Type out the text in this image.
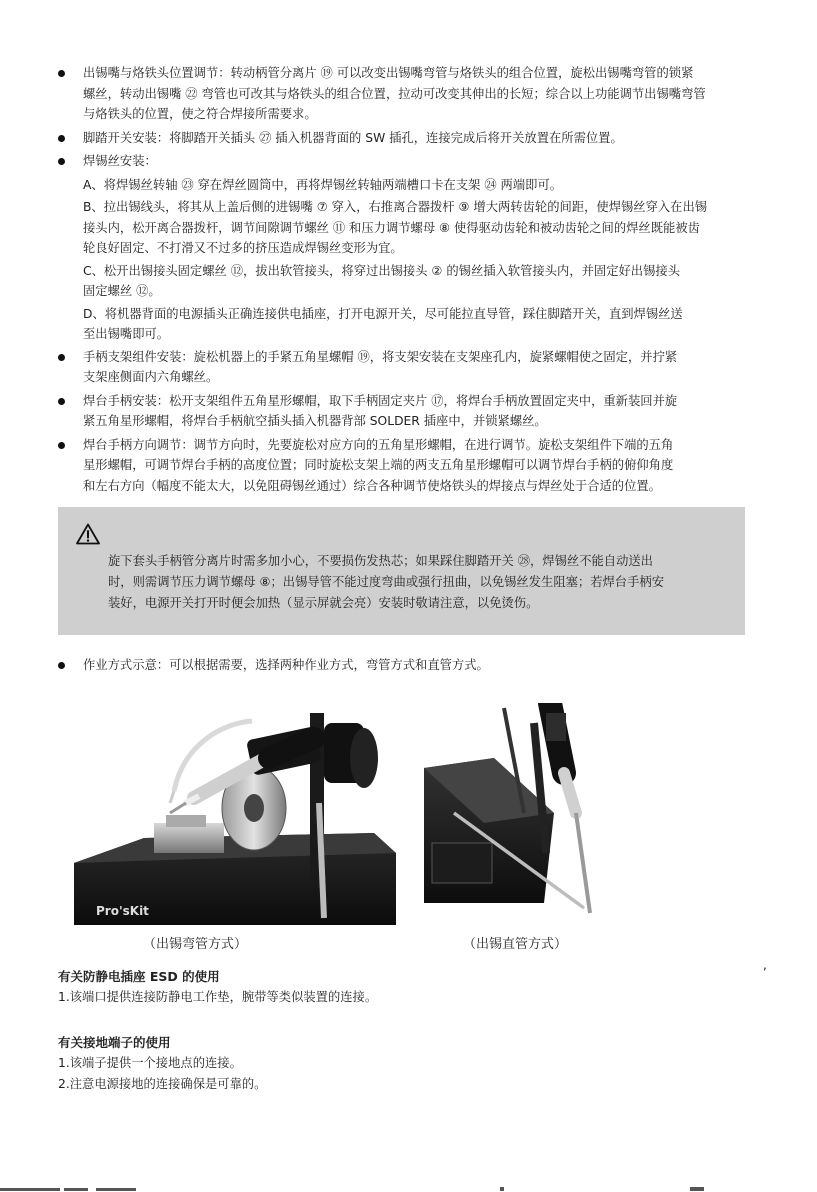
出锡嘴与烙铁头位置调节：转动柄管分离片 ⑲ 可以改变出锡嘴弯管与烙铁头的组合位置，旋松出锡嘴弯管的锁紧

螺丝，转动出锡嘴 ㉒ 弯管也可改其与烙铁头的组合位置，拉动可改变其伸出的长短；综合以上功能调节出锡嘴弯管

与烙铁头的位置，使之符合焊接所需要求。

脚踏开关安装：将脚踏开关插头 ㉗ 插入机器背面的 SW 插孔，连接完成后将开关放置在所需位置。

焊锡丝安装：

A、将焊锡丝转轴 ㉓ 穿在焊丝圆筒中，再将焊锡丝转轴两端槽口卡在支架 ㉔ 两端即可。

B、拉出锡线头，将其从上盖后侧的进锡嘴 ⑦ 穿入，右推离合器拨杆 ⑨ 增大两转齿轮的间距，使焊锡丝穿入在出锡
接头内，松开离合器拨杆，调节间隙调节螺丝 ⑪ 和压力调节螺母 ⑧ 使得驱动齿轮和被动齿轮之间的焊丝既能被齿
轮良好固定、不打滑又不过多的挤压造成焊锡丝变形为宜。

C、松开出锡接头固定螺丝 ⑫，拔出软管接头，将穿过出锡接头 ② 的锡丝插入软管接头内，并固定好出锡接头
固定螺丝 ⑫。

D、将机器背面的电源插头正确连接供电插座，打开电源开关，尽可能拉直导管，踩住脚踏开关，直到焊锡丝送
至出锡嘴即可。

手柄支架组件安装：旋松机器上的手紧五角星螺帽 ⑲，将支架安装在支架座孔内，旋紧螺帽使之固定，并拧紧

支架座侧面内六角螺丝。

焊台手柄安装：松开支架组件五角星形螺帽，取下手柄固定夹片 ⑰，将焊台手柄放置固定夹中，重新装回并旋

紧五角星形螺帽，将焊台手柄航空插头插入机器背部 SOLDER 插座中，并锁紧螺丝。

焊台手柄方向调节：调节方向时，先要旋松对应方向的五角星形螺帽，在进行调节。旋松支架组件下端的五角

星形螺帽，可调节焊台手柄的高度位置；同时旋松支架上端的两支五角星形螺帽可以调节焊台手柄的俯仰角度

和左右方向（幅度不能太大，以免阻碍锡丝通过）综合各种调节使烙铁头的焊接点与焊丝处于合适的位置。

旋下套头手柄管分离片时需多加小心，不要损伤发热芯；如果踩住脚踏开关 ㉘，焊锡丝不能自动送出

时，则需调节压力调节螺母 ⑧；出锡导管不能过度弯曲或强行扭曲，以免锡丝发生阻塞；若焊台手柄安

装好，电源开关打开时便会加热（显示屏就会亮）安装时敬请注意，以免烫伤。

作业方式示意：可以根据需要，选择两种作业方式，弯管方式和直管方式。

Pro'sKit
（出锡弯管方式）	（出锡直管方式）
,
有关防静电插座 ESD 的使用

1.该端口提供连接防静电工作垫，腕带等类似装置的连接。

有关接地端子的使用

1.该端子提供一个接地点的连接。

2.注意电源接地的连接确保是可靠的。
